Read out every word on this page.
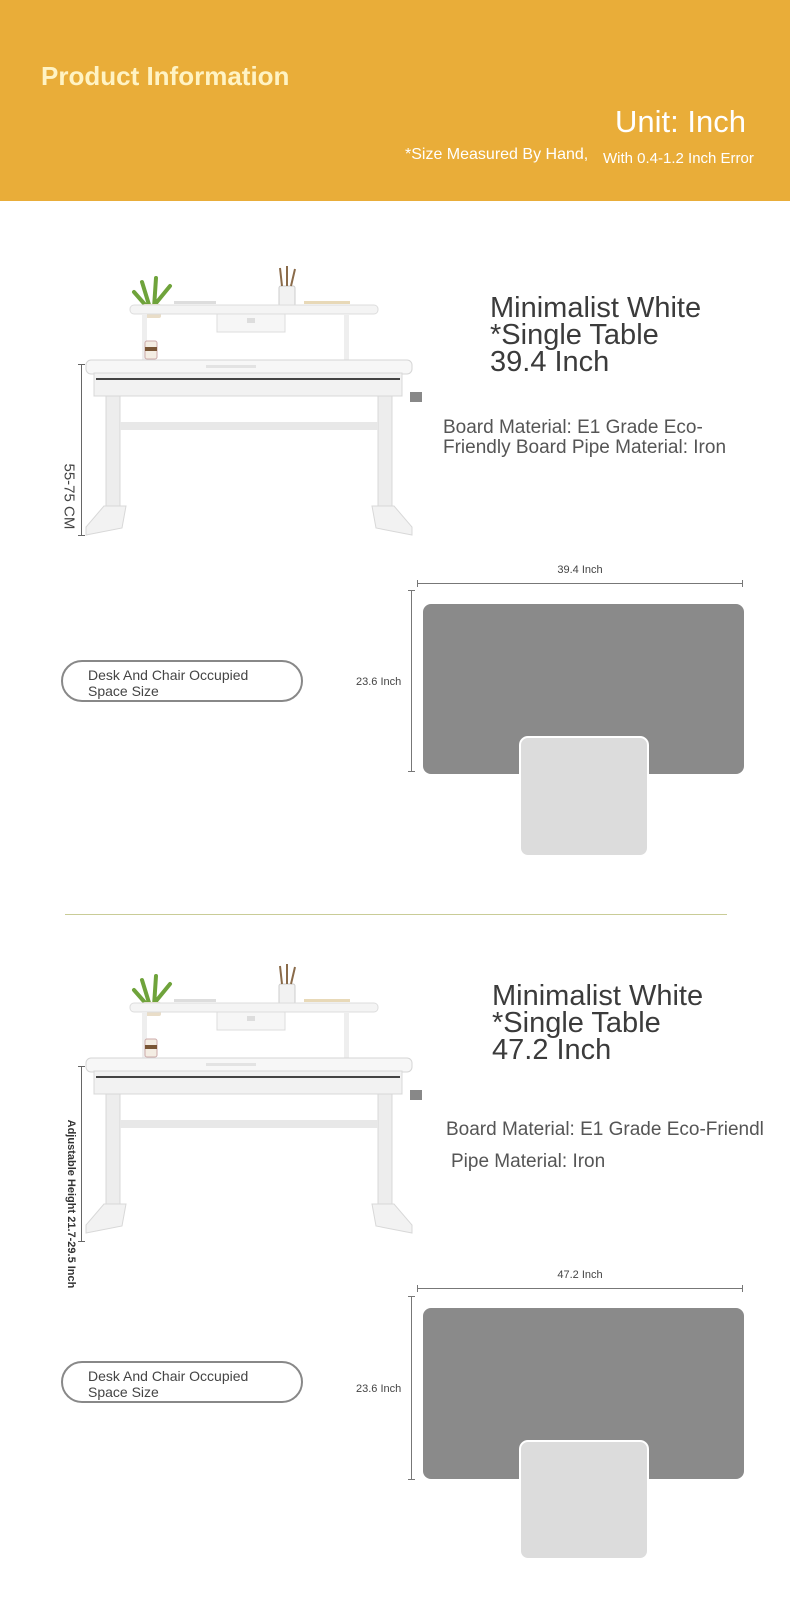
Product Information
Unit: Inch
*Size Measured By Hand, With 0.4-1.2 Inch Error
55-75 CM
Minimalist White *Single Table 39.4 Inch
Board Material: E1 Grade Eco-Friendly Board Pipe Material: Iron
39.4 Inch
23.6 Inch
Desk And Chair Occupied Space Size
Adjustable Height 21.7-29.5 Inch
Minimalist White *Single Table 47.2 Inch
Board Material: E1 Grade Eco-Friendl
Pipe Material: Iron
47.2 Inch
23.6 Inch
Desk And Chair Occupied Space Size
